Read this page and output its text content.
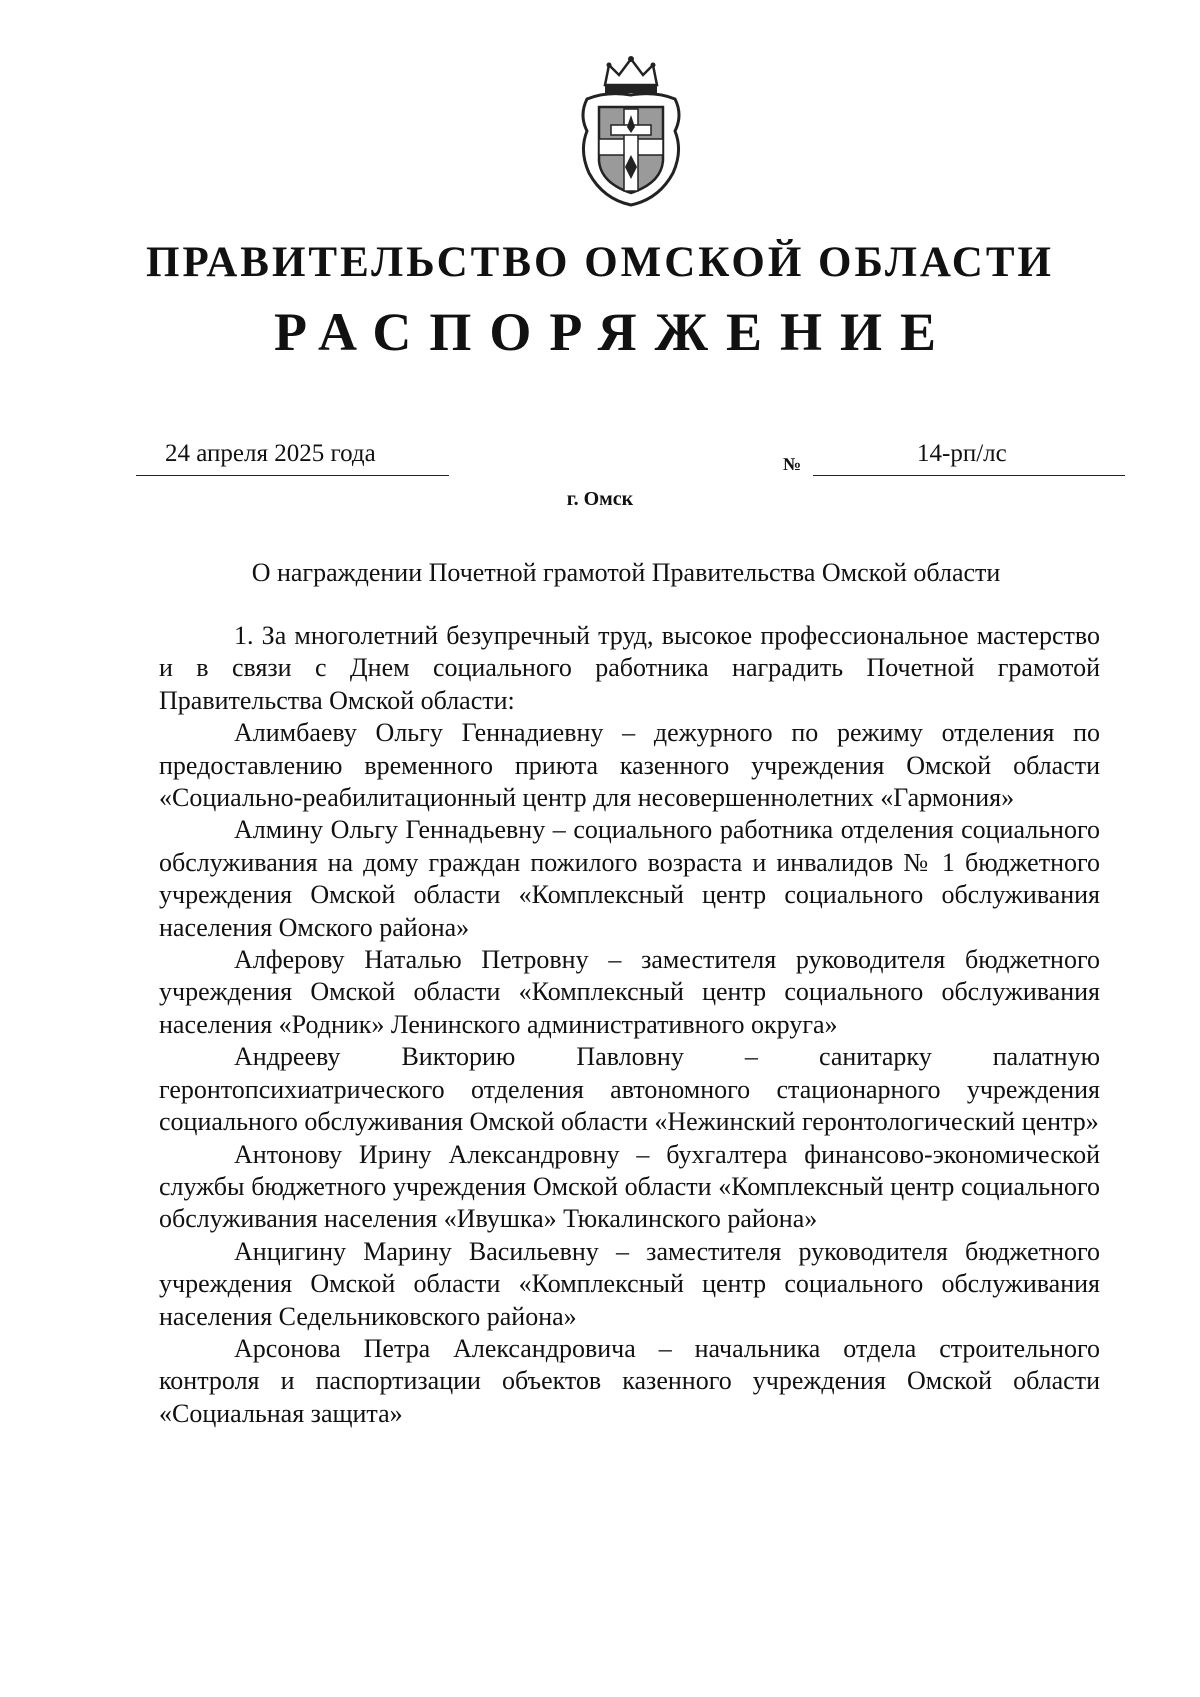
ПРАВИТЕЛЬСТВО ОМСКОЙ ОБЛАСТИ
РАСПОРЯЖЕНИЕ
24 апреля 2025 года	№	14-рп/лс
г. Омск
О награждении Почетной грамотой Правительства Омской области

1. За многолетний безупречный труд, высокое профессиональное мастерство и в связи с Днем социального работника наградить Почетной грамотой Правительства Омской области:

Алимбаеву Ольгу Геннадиевну – дежурного по режиму отделения по предоставлению временного приюта казенного учреждения Омской области «Социально-реабилитационный центр для несовершеннолетних «Гармония»

Алмину Ольгу Геннадьевну – социального работника отделения социального обслуживания на дому граждан пожилого возраста и инвалидов № 1 бюджетного учреждения Омской области «Комплексный центр социального обслуживания населения Омского района»

Алферову Наталью Петровну – заместителя руководителя бюджетного учреждения Омской области «Комплексный центр социального обслуживания населения «Родник» Ленинского административного округа»

Андрееву Викторию Павловну – санитарку палатную геронтопсихиатрического отделения автономного стационарного учреждения социального обслуживания Омской области «Нежинский геронтологический центр»

Антонову Ирину Александровну – бухгалтера финансово-экономической службы бюджетного учреждения Омской области «Комплексный центр социального обслуживания населения «Ивушка» Тюкалинского района»

Анцигину Марину Васильевну – заместителя руководителя бюджетного учреждения Омской области «Комплексный центр социального обслуживания населения Седельниковского района»

Арсонова Петра Александровича – начальника отдела строительного контроля и паспортизации объектов казенного учреждения Омской области «Социальная защита»
